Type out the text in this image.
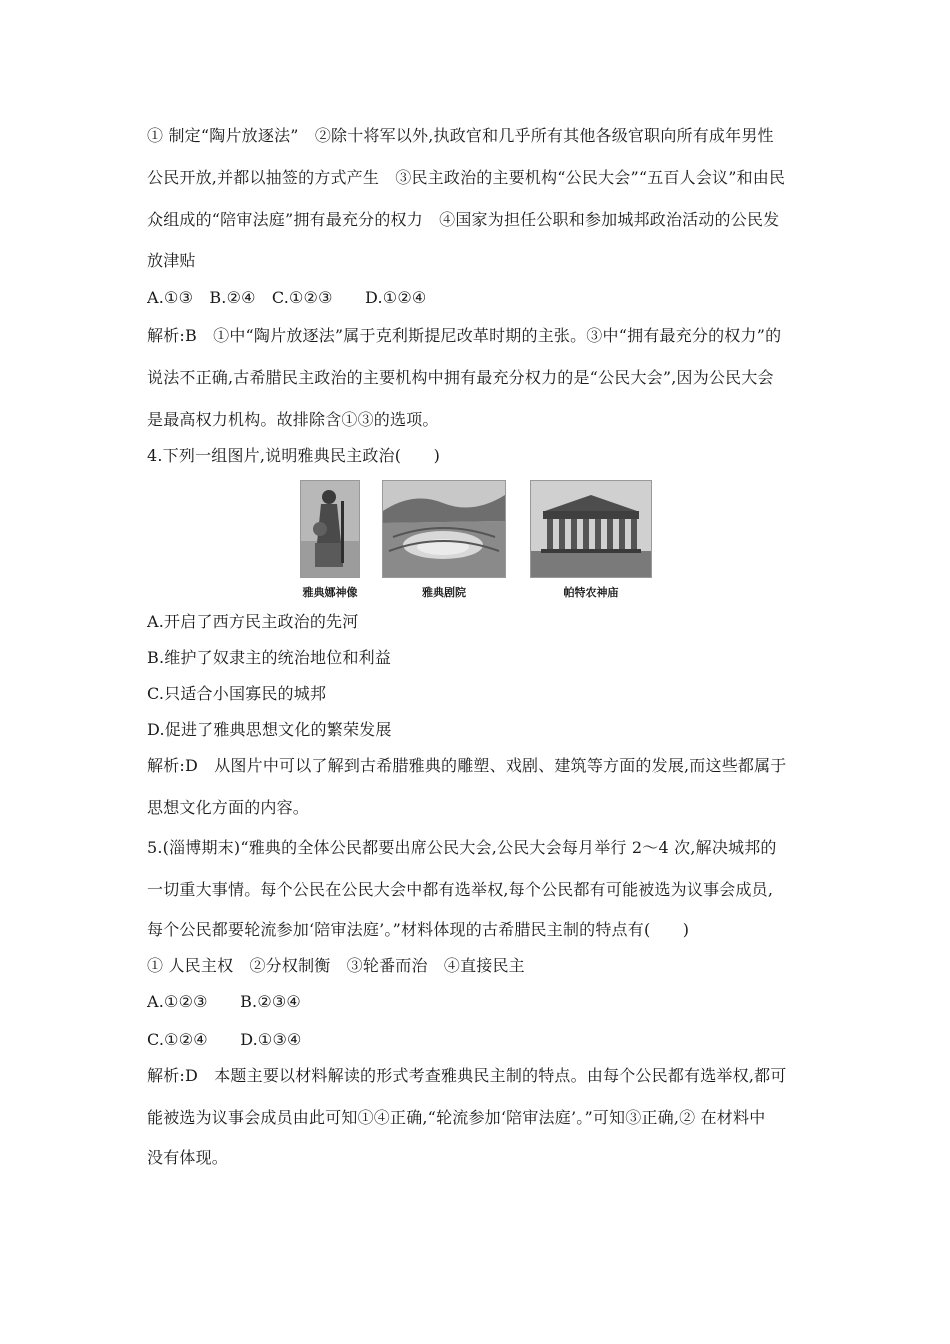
① 制定“陶片放逐法”　②除十将军以外,执政官和几乎所有其他各级官职向所有成年男性
公民开放,并都以抽签的方式产生　③民主政治的主要机构“公民大会”“五百人会议”和由民
众组成的“陪审法庭”拥有最充分的权力　④国家为担任公职和参加城邦政治活动的公民发
放津贴
A.①③　B.②④　C.①②③　　D.①②④
解析:B　①中“陶片放逐法”属于克利斯提尼改革时期的主张。③中“拥有最充分的权力”的
说法不正确,古希腊民主政治的主要机构中拥有最充分权力的是“公民大会”,因为公民大会
是最高权力机构。故排除含①③的选项。
4.下列一组图片,说明雅典民主政治(　　)
雅典娜神像	雅典剧院	帕特农神庙
A.开启了西方民主政治的先河
B.维护了奴隶主的统治地位和利益
C.只适合小国寡民的城邦
D.促进了雅典思想文化的繁荣发展
解析:D　从图片中可以了解到古希腊雅典的雕塑、戏剧、建筑等方面的发展,而这些都属于
思想文化方面的内容。
5.(淄博期末)“雅典的全体公民都要出席公民大会,公民大会每月举行 2～4 次,解决城邦的
一切重大事情。每个公民在公民大会中都有选举权,每个公民都有可能被选为议事会成员,
每个公民都要轮流参加‘陪审法庭’。”材料体现的古希腊民主制的特点有(　　)
① 人民主权　②分权制衡　③轮番而治　④直接民主
A.①②③　　B.②③④
C.①②④　　D.①③④
解析:D　本题主要以材料解读的形式考查雅典民主制的特点。由每个公民都有选举权,都可
能被选为议事会成员由此可知①④正确,“轮流参加‘陪审法庭’。”可知③正确,② 在材料中
没有体现。
